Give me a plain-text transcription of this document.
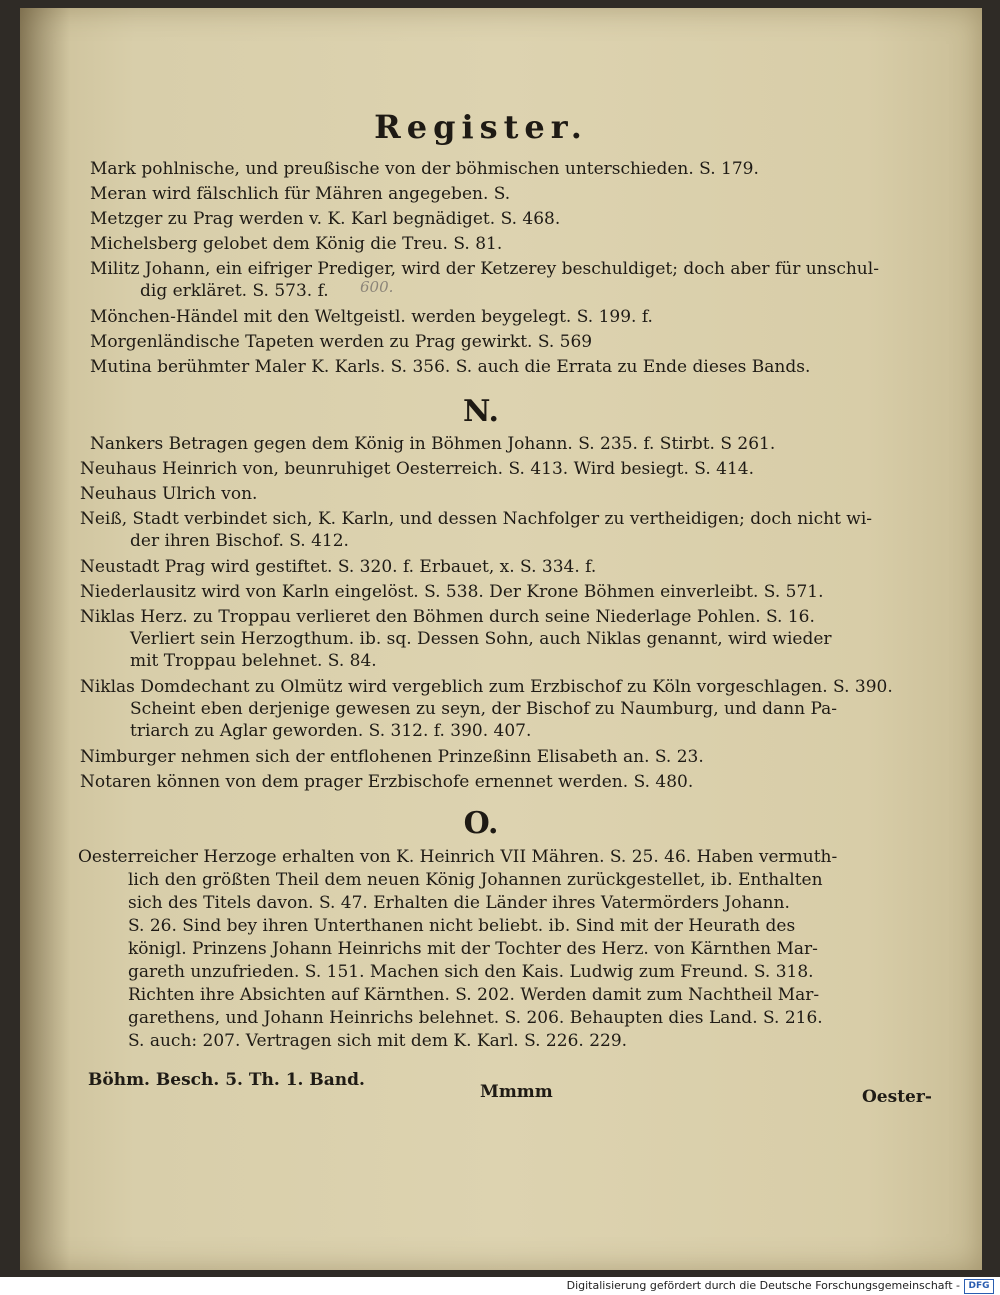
Register.
Mark pohlnische, und preußische von der böhmischen unterschieden. S. 179.
Meran wird fälschlich für Mähren angegeben. S.
Metzger zu Prag werden v. K. Karl begnädiget. S. 468.
Michelsberg gelobet dem König die Treu. S. 81.
Militz Johann, ein eifriger Prediger, wird der Ketzerey beschuldiget; doch aber für unschul-
dig erkläret. S. 573. f. 600.
Mönchen-Händel mit den Weltgeistl. werden beygelegt. S. 199. f.
Morgenländische Tapeten werden zu Prag gewirkt. S. 569
Mutina berühmter Maler K. Karls. S. 356. S. auch die Errata zu Ende dieses Bands.
N.
Nankers Betragen gegen dem König in Böhmen Johann. S. 235. f. Stirbt. S 261.
Neuhaus Heinrich von, beunruhiget Oesterreich. S. 413. Wird besiegt. S. 414.
Neuhaus Ulrich von.
Neiß, Stadt verbindet sich, K. Karln, und dessen Nachfolger zu vertheidigen; doch nicht wi-
der ihren Bischof. S. 412.
Neustadt Prag wird gestiftet. S. 320. f. Erbauet, x. S. 334. f.
Niederlausitz wird von Karln eingelöst. S. 538. Der Krone Böhmen einverleibt. S. 571.
Niklas Herz. zu Troppau verlieret den Böhmen durch seine Niederlage Pohlen. S. 16.
Verliert sein Herzogthum. ib. sq. Dessen Sohn, auch Niklas genannt, wird wieder
mit Troppau belehnet. S. 84.
Niklas Domdechant zu Olmütz wird vergeblich zum Erzbischof zu Köln vorgeschlagen. S. 390.
Scheint eben derjenige gewesen zu seyn, der Bischof zu Naumburg, und dann Pa-
triarch zu Aglar geworden. S. 312. f. 390. 407.
Nimburger nehmen sich der entflohenen Prinzeßinn Elisabeth an. S. 23.
Notaren können von dem prager Erzbischofe ernennet werden. S. 480.
O.
Oesterreicher Herzoge erhalten von K. Heinrich VII Mähren. S. 25. 46. Haben vermuth-
lich den größten Theil dem neuen König Johannen zurückgestellet, ib. Enthalten
sich des Titels davon. S. 47. Erhalten die Länder ihres Vatermörders Johann.
S. 26. Sind bey ihren Unterthanen nicht beliebt. ib. Sind mit der Heurath des
königl. Prinzens Johann Heinrichs mit der Tochter des Herz. von Kärnthen Mar-
gareth unzufrieden. S. 151. Machen sich den Kais. Ludwig zum Freund. S. 318.
Richten ihre Absichten auf Kärnthen. S. 202. Werden damit zum Nachtheil Mar-
garethens, und Johann Heinrichs belehnet. S. 206. Behaupten dies Land. S. 216.
S. auch: 207. Vertragen sich mit dem K. Karl. S. 226. 229.
Böhm. Besch. 5. Th. 1. Band.
Mmmm	Oester-
Digitalisierung gefördert durch die Deutsche Forschungsgemeinschaft - DFG
